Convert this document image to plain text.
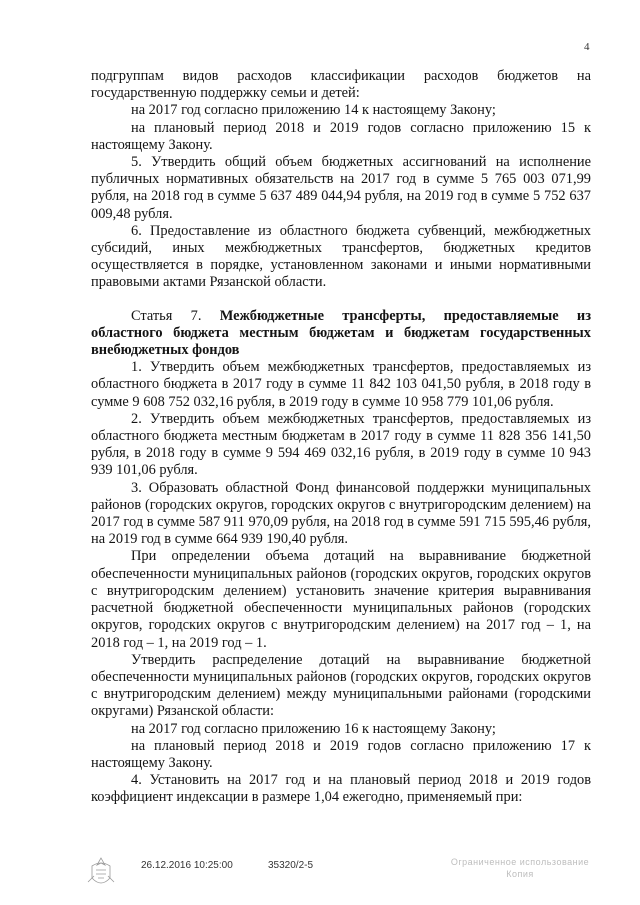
4

подгруппам видов расходов классификации расходов бюджетов на государственную поддержку семьи и детей:

на 2017 год согласно приложению 14 к настоящему Закону;

на плановый период 2018 и 2019 годов согласно приложению 15 к настоящему Закону.

5. Утвердить общий объем бюджетных ассигнований на исполнение публичных нормативных обязательств на 2017 год в сумме 5 765 003 071,99 рубля, на 2018 год в сумме 5 637 489 044,94 рубля, на 2019 год в сумме 5 752 637 009,48 рубля.

6. Предоставление из областного бюджета субвенций, межбюджетных субсидий, иных межбюджетных трансфертов, бюджетных кредитов осуществляется в порядке, установленном законами и иными нормативными правовыми актами Рязанской области.

Статья 7. Межбюджетные трансферты, предоставляемые из областного бюджета местным бюджетам и бюджетам государственных внебюджетных фондов

1. Утвердить объем межбюджетных трансфертов, предоставляемых из областного бюджета в 2017 году в сумме 11 842 103 041,50 рубля, в 2018 году в сумме 9 608 752 032,16 рубля, в 2019 году в сумме 10 958 779 101,06 рубля.

2. Утвердить объем межбюджетных трансфертов, предоставляемых из областного бюджета местным бюджетам в 2017 году в сумме 11 828 356 141,50 рубля, в 2018 году в сумме 9 594 469 032,16 рубля, в 2019 году в сумме 10 943 939 101,06 рубля.

3. Образовать областной Фонд финансовой поддержки муниципальных районов (городских округов, городских округов с внутригородским делением) на 2017 год в сумме 587 911 970,09 рубля, на 2018 год в сумме 591 715 595,46 рубля, на 2019 год в сумме 664 939 190,40 рубля.

При определении объема дотаций на выравнивание бюджетной обеспеченности муниципальных районов (городских округов, городских округов с внутригородским делением) установить значение критерия выравнивания расчетной бюджетной обеспеченности муниципальных районов (городских округов, городских округов с внутригородским делением) на 2017 год – 1, на 2018 год – 1, на 2019 год – 1.

Утвердить распределение дотаций на выравнивание бюджетной обеспеченности муниципальных районов (городских округов, городских округов с внутригородским делением) между муниципальными районами (городскими округами) Рязанской области:

на 2017 год согласно приложению 16 к настоящему Закону;

на плановый период 2018 и 2019 годов согласно приложению 17 к настоящему Закону.

4. Установить на 2017 год и на плановый период 2018 и 2019 годов коэффициент индексации в размере 1,04 ежегодно, применяемый при:

26.12.2016 10:25:00	35320/2-5	Ограниченное использование
Копия
